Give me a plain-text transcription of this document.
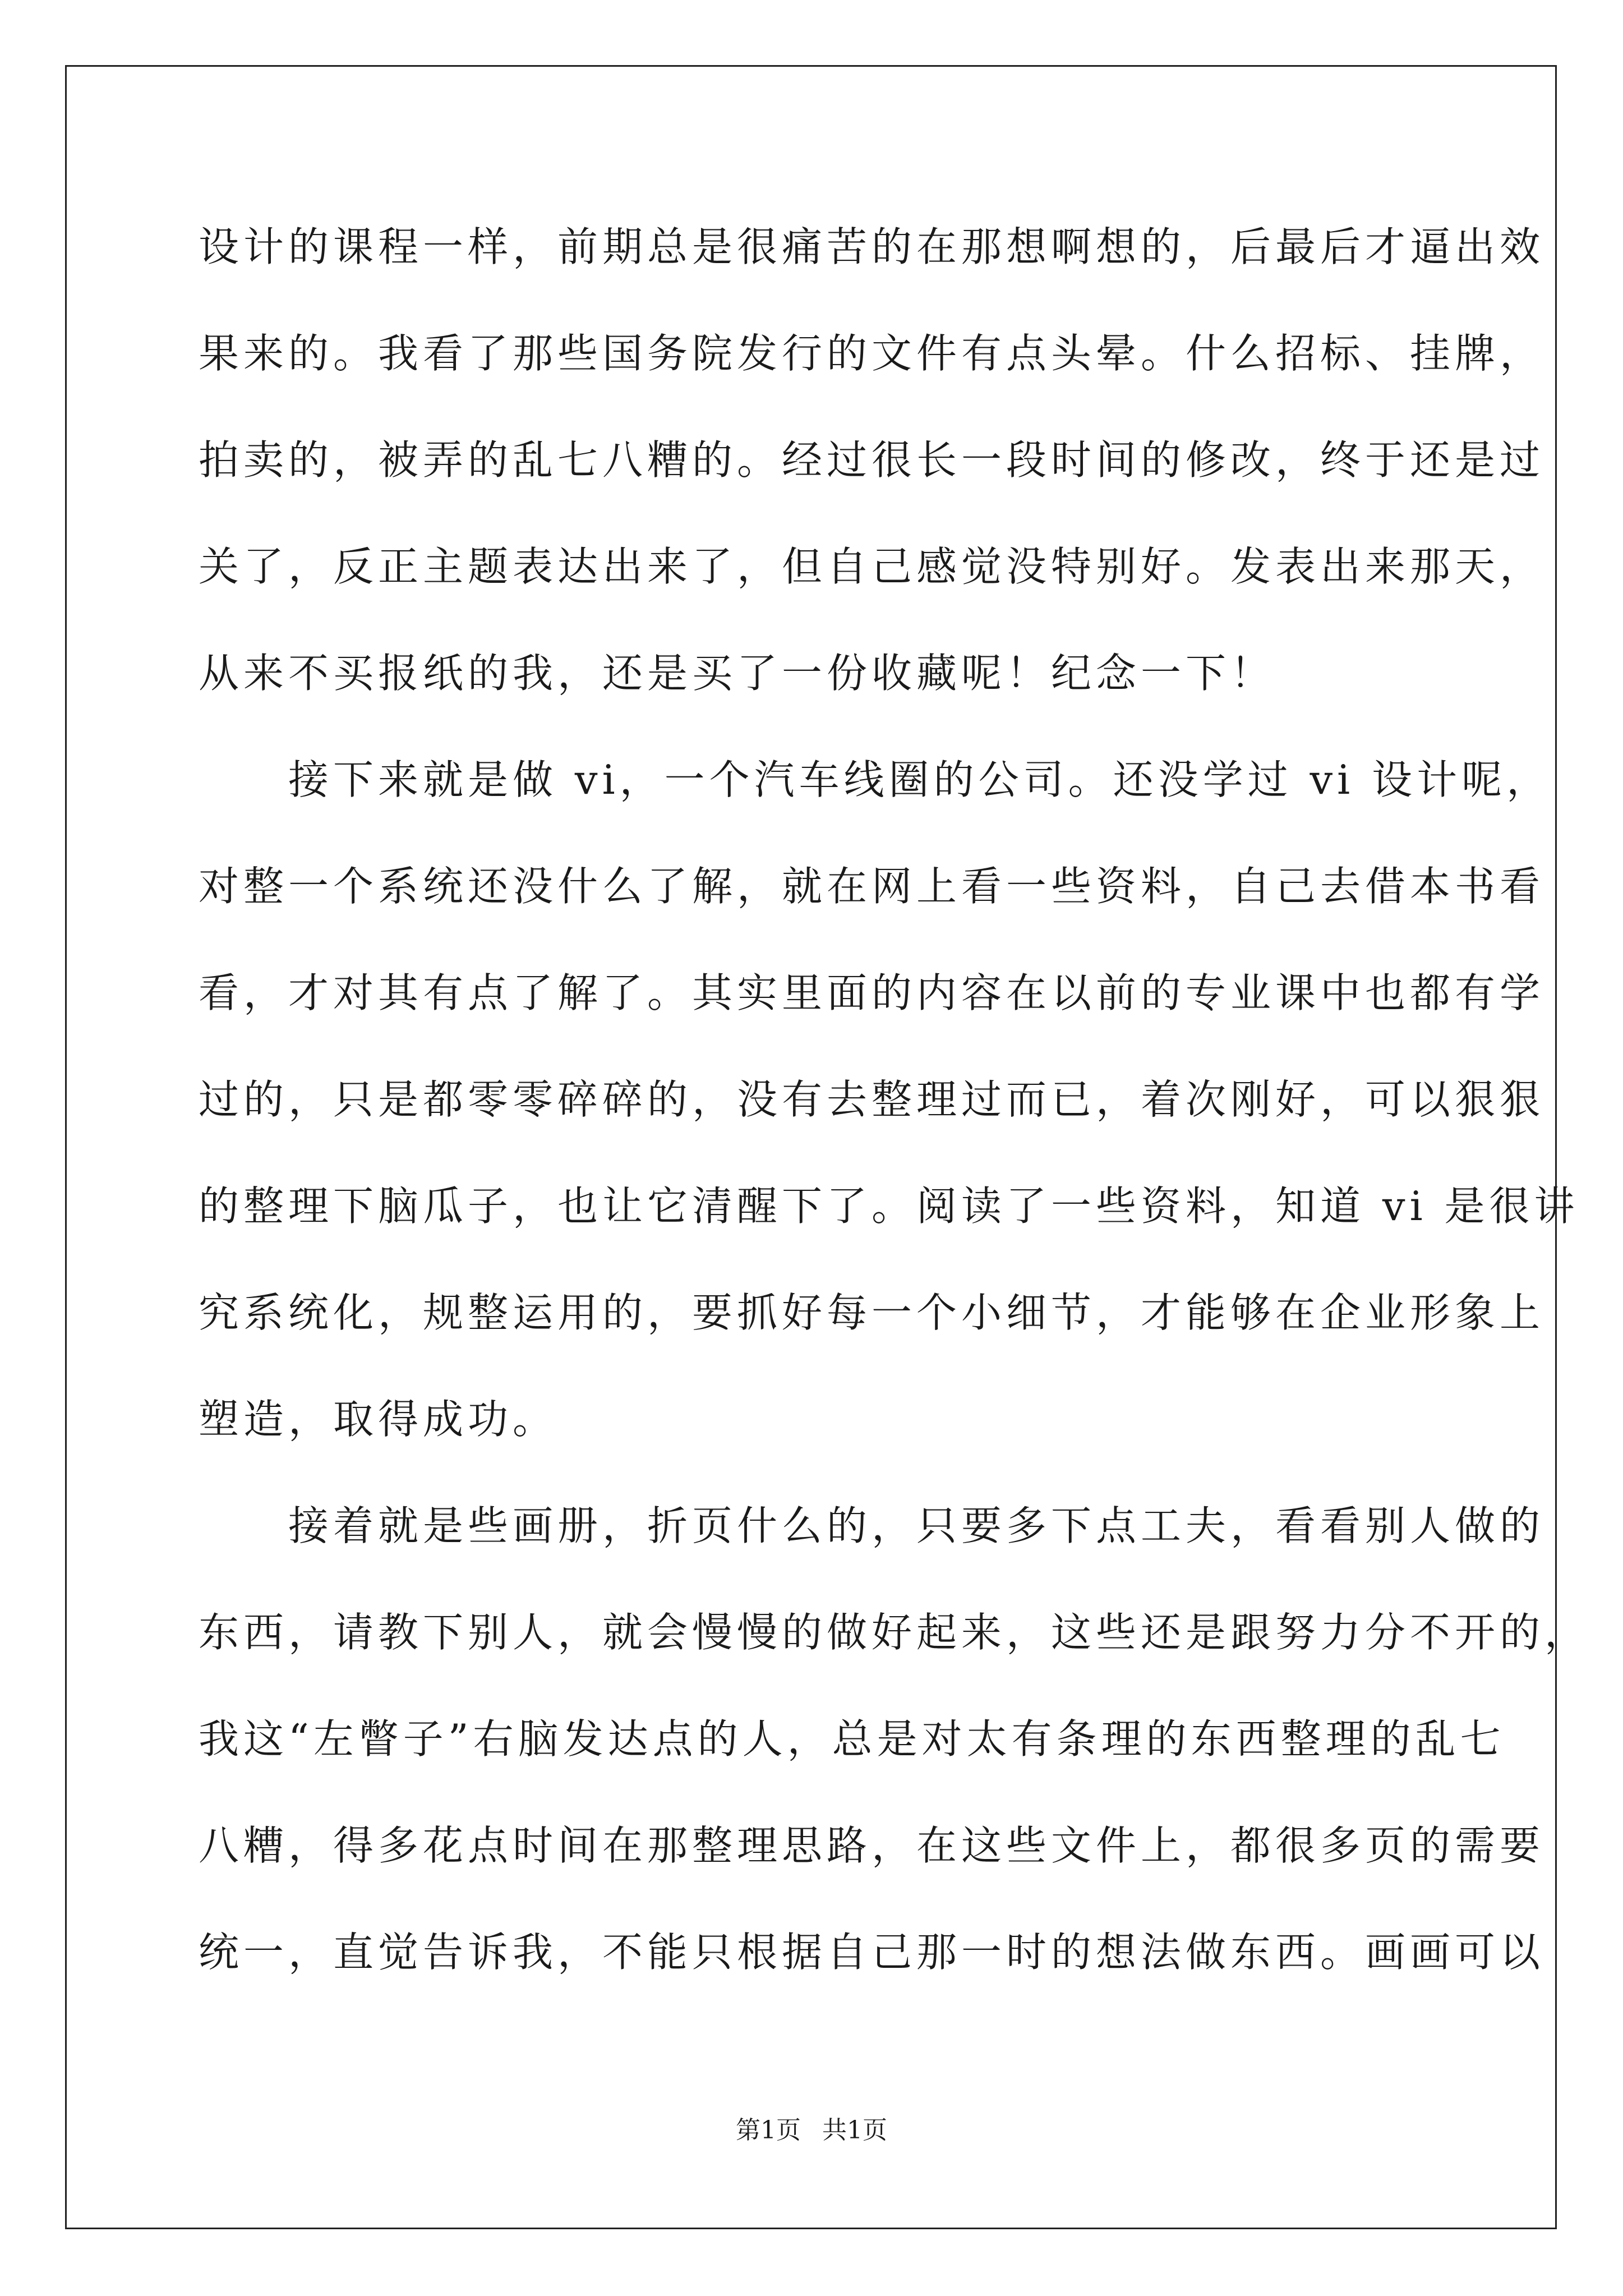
设计的课程一样，前期总是很痛苦的在那想啊想的，后最后才逼出效
果来的。我看了那些国务院发行的文件有点头晕。什么招标、挂牌，
拍卖的，被弄的乱七八糟的。经过很长一段时间的修改，终于还是过
关了，反正主题表达出来了，但自己感觉没特别好。发表出来那天，
从来不买报纸的我，还是买了一份收藏呢！纪念一下！
　　接下来就是做 vi，一个汽车线圈的公司。还没学过 vi 设计呢，
对整一个系统还没什么了解，就在网上看一些资料，自己去借本书看
看，才对其有点了解了。其实里面的内容在以前的专业课中也都有学
过的，只是都零零碎碎的，没有去整理过而已，着次刚好，可以狠狠
的整理下脑瓜子，也让它清醒下了。阅读了一些资料，知道 vi 是很讲
究系统化，规整运用的，要抓好每一个小细节，才能够在企业形象上
塑造，取得成功。
　　接着就是些画册，折页什么的，只要多下点工夫，看看别人做的
东西，请教下别人，就会慢慢的做好起来，这些还是跟努力分不开的，
我这“左瞥子”右脑发达点的人，总是对太有条理的东西整理的乱七
八糟，得多花点时间在那整理思路，在这些文件上，都很多页的需要
统一，直觉告诉我，不能只根据自己那一时的想法做东西。画画可以
第1页 共1页
